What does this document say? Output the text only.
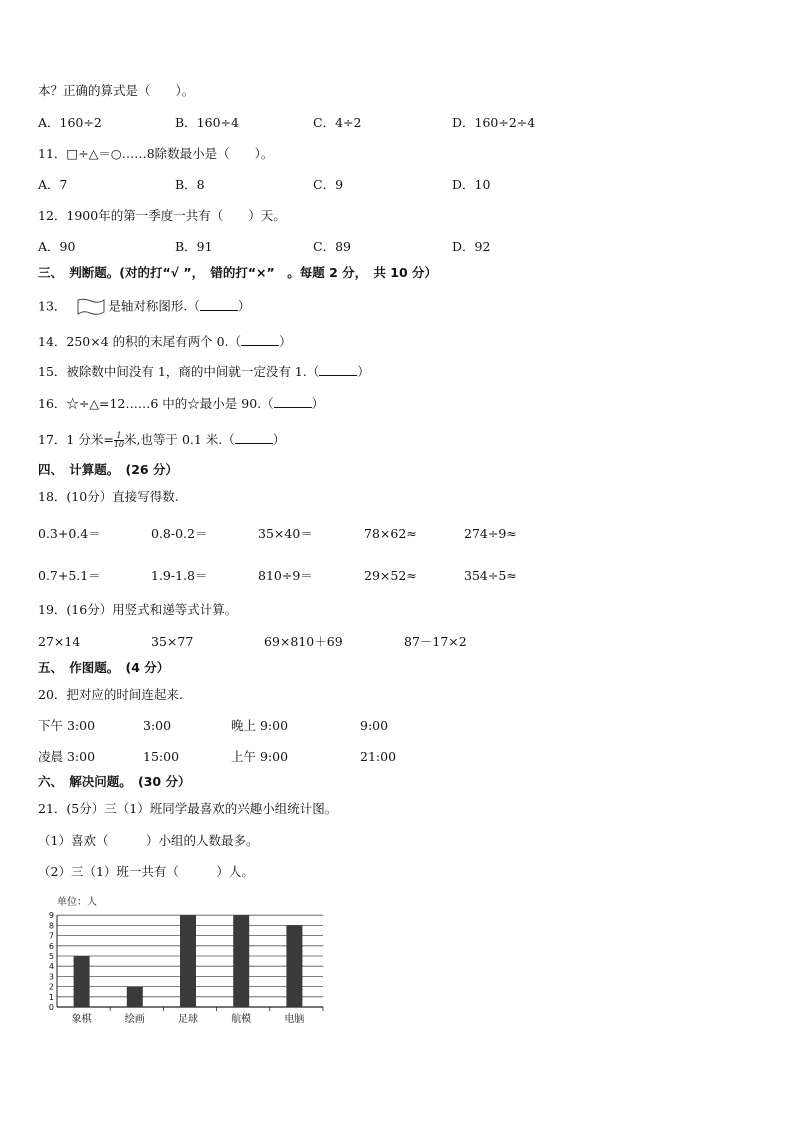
本？正确的算式是（　　）。
A．160÷2	B．160÷4	C．4÷2	D．160÷2÷4
11．□÷△＝○……8除数最小是（　　）。
A．7	B．8	C．9	D．10
12．1900年的第一季度一共有（　　）天。
A．90	B．91	C．89	D．92
三、　判断题。(对的打“√ ”，　错的打“×”　。每题 2 分，　共 10 分）
13．	是轴对称图形.（	）
14．250×4 的积的末尾有两个 0.（	）
15．被除数中间没有 1，商的中间就一定没有 1.（	）
16．☆÷△=12……6 中的☆最小是 90.（	）
17．1 分米= $\frac{1}{10}$ 米,也等于 0.1 米.（	）
四、　计算题。　(26 分）
18．(10分）直接写得数.
0.3+0.4＝	0.8-0.2＝	35×40＝	78×62≈	274÷9≈
0.7+5.1＝	1.9-1.8＝	810÷9＝	29×52≈	354÷5≈
19．(16分）用竖式和递等式计算。
27×14	35×77	69×810＋69	87－17×2
五、　作图题。　(4 分）
20．把对应的时间连起来.
下午 3:00	3:00	晚上 9:00	9:00
凌晨 3:00	15:00	上午 9:00	21:00
六、　解决问题。　(30 分）
21．(5分）三（1）班同学最喜欢的兴趣小组统计图。
（1）喜欢（　　　）小组的人数最多。
（2）三（1）班一共有（　　　）人。
单位：人
0
1
2
3
4
5
6
7
8
9
象棋	绘画	足球	航模	电脑
